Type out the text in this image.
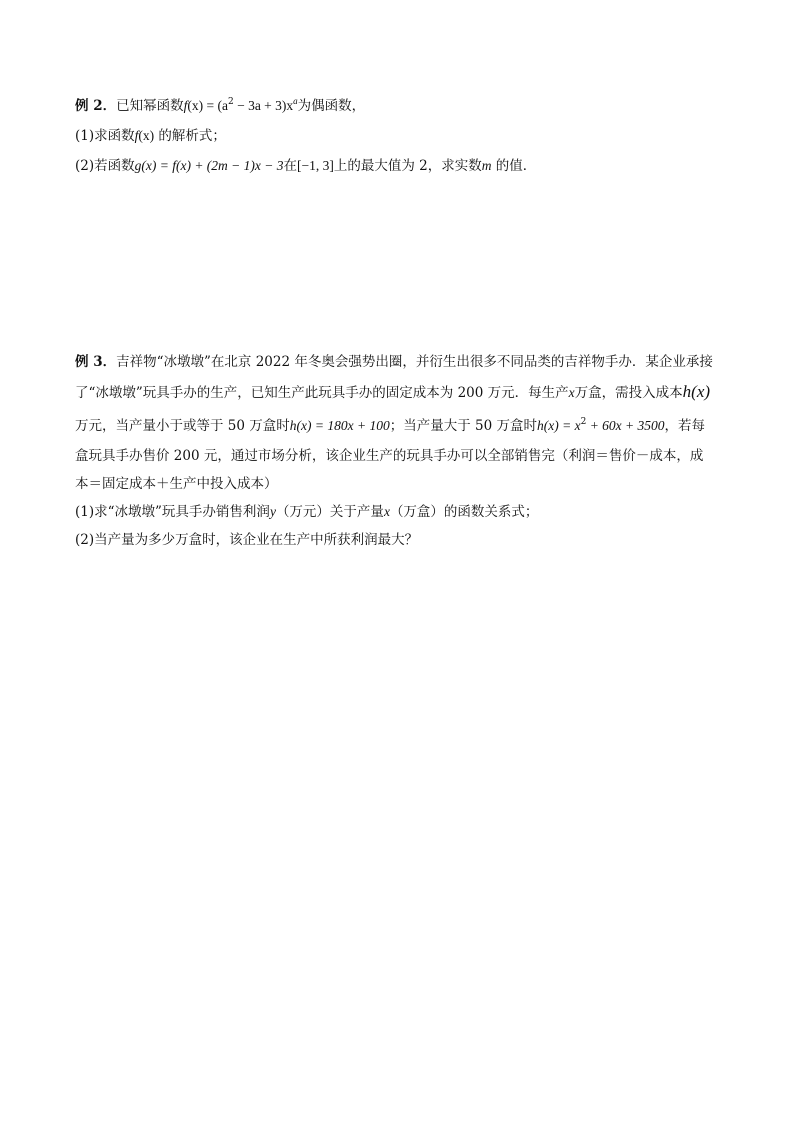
例 2．已知幂函数$f(x) = (a^2 - 3a + 3)x^a$为偶函数，
(1)求函数f(x) 的解析式；
(2)若函数g(x) = f(x) + (2m − 1)x − 3在[−1, 3]上的最大值为 2，求实数m 的值．
例 3．吉祥物“冰墩墩”在北京 2022 年冬奥会强势出圈，并衍生出很多不同品类的吉祥物手办．某企业承接
了“冰墩墩”玩具手办的生产，已知生产此玩具手办的固定成本为 200 万元．每生产x万盒，需投入成本h(x)
万元，当产量小于或等于 50 万盒时h(x) = 180x + 100；当产量大于 50 万盒时$h(x) = x^2 + 60x + 3500$，若每
盒玩具手办售价 200 元，通过市场分析，该企业生产的玩具手办可以全部销售完（利润＝售价－成本，成
本＝固定成本＋生产中投入成本）
(1)求“冰墩墩”玩具手办销售利润y（万元）关于产量x（万盒）的函数关系式；
(2)当产量为多少万盒时，该企业在生产中所获利润最大？
